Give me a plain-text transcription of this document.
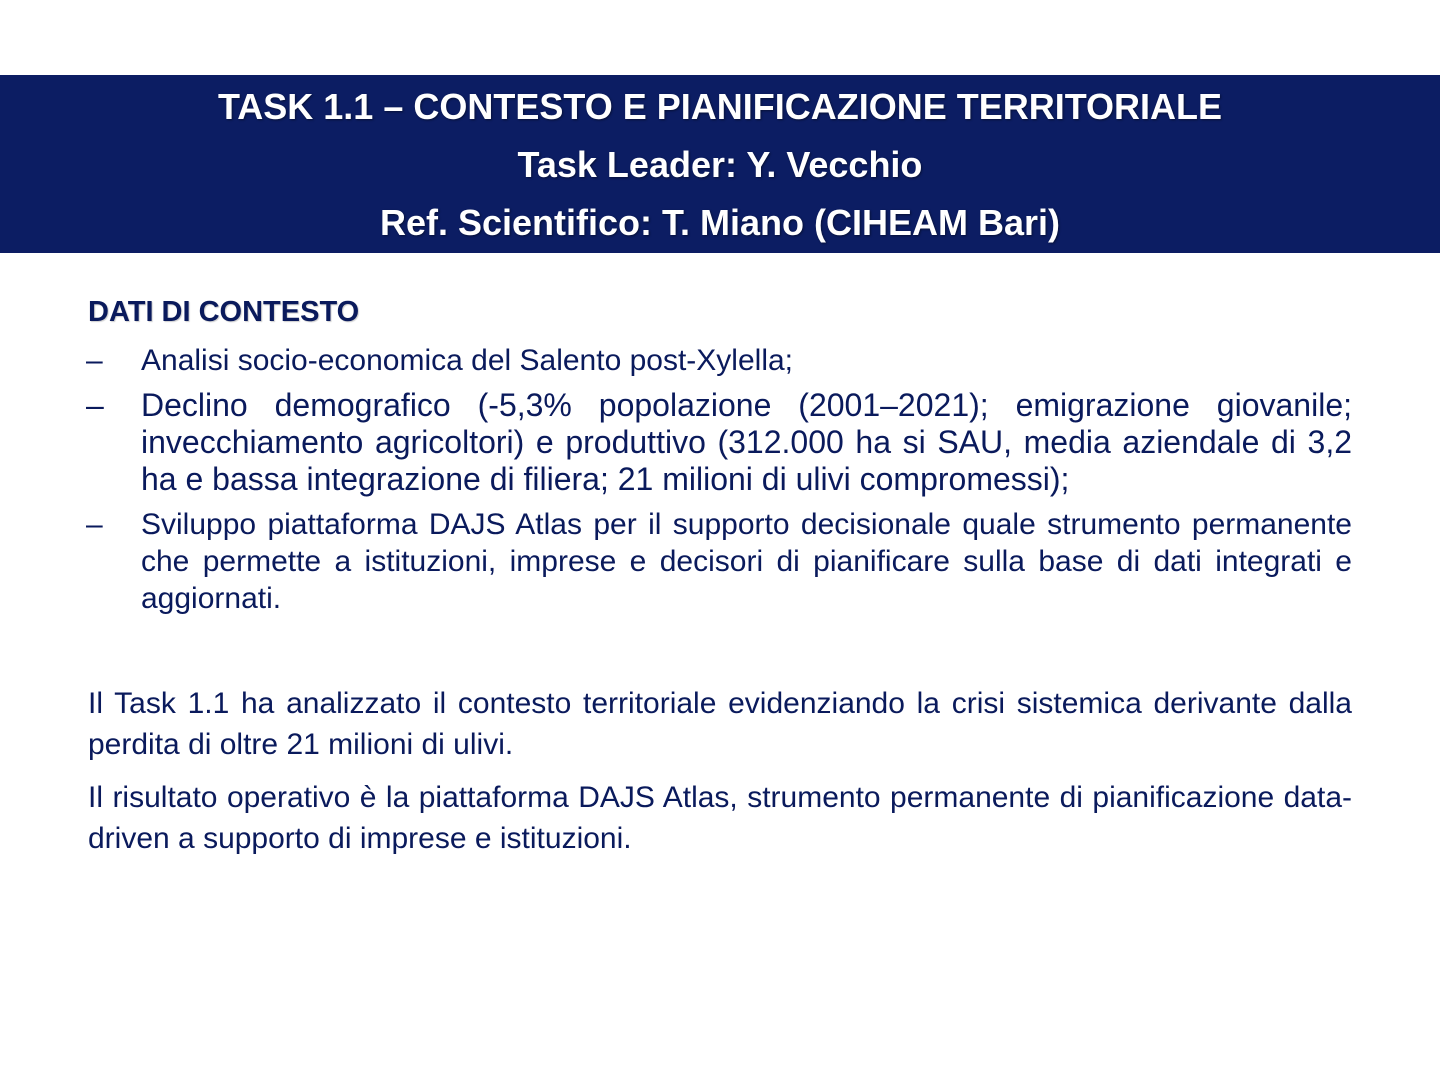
TASK 1.1 – CONTESTO E PIANIFICAZIONE TERRITORIALE
Task Leader: Y. Vecchio
Ref. Scientifico: T. Miano (CIHEAM Bari)
DATI DI CONTESTO
–	Analisi socio-economica del Salento post-Xylella;
–	Declino demografico (-5,3% popolazione (2001–2021); emigrazione giovanile; invecchiamento agricoltori) e produttivo (312.000 ha si SAU, media aziendale di 3,2 ha e bassa integrazione di filiera; 21 milioni di ulivi compromessi);
–	Sviluppo piattaforma DAJS Atlas per il supporto decisionale quale strumento permanente che permette a istituzioni, imprese e decisori di pianificare sulla base di dati integrati e aggiornati.

Il Task 1.1 ha analizzato il contesto territoriale evidenziando la crisi sistemica derivante dalla perdita di oltre 21 milioni di ulivi.

Il risultato operativo è la piattaforma DAJS Atlas, strumento permanente di pianificazione data-driven a supporto di imprese e istituzioni.
